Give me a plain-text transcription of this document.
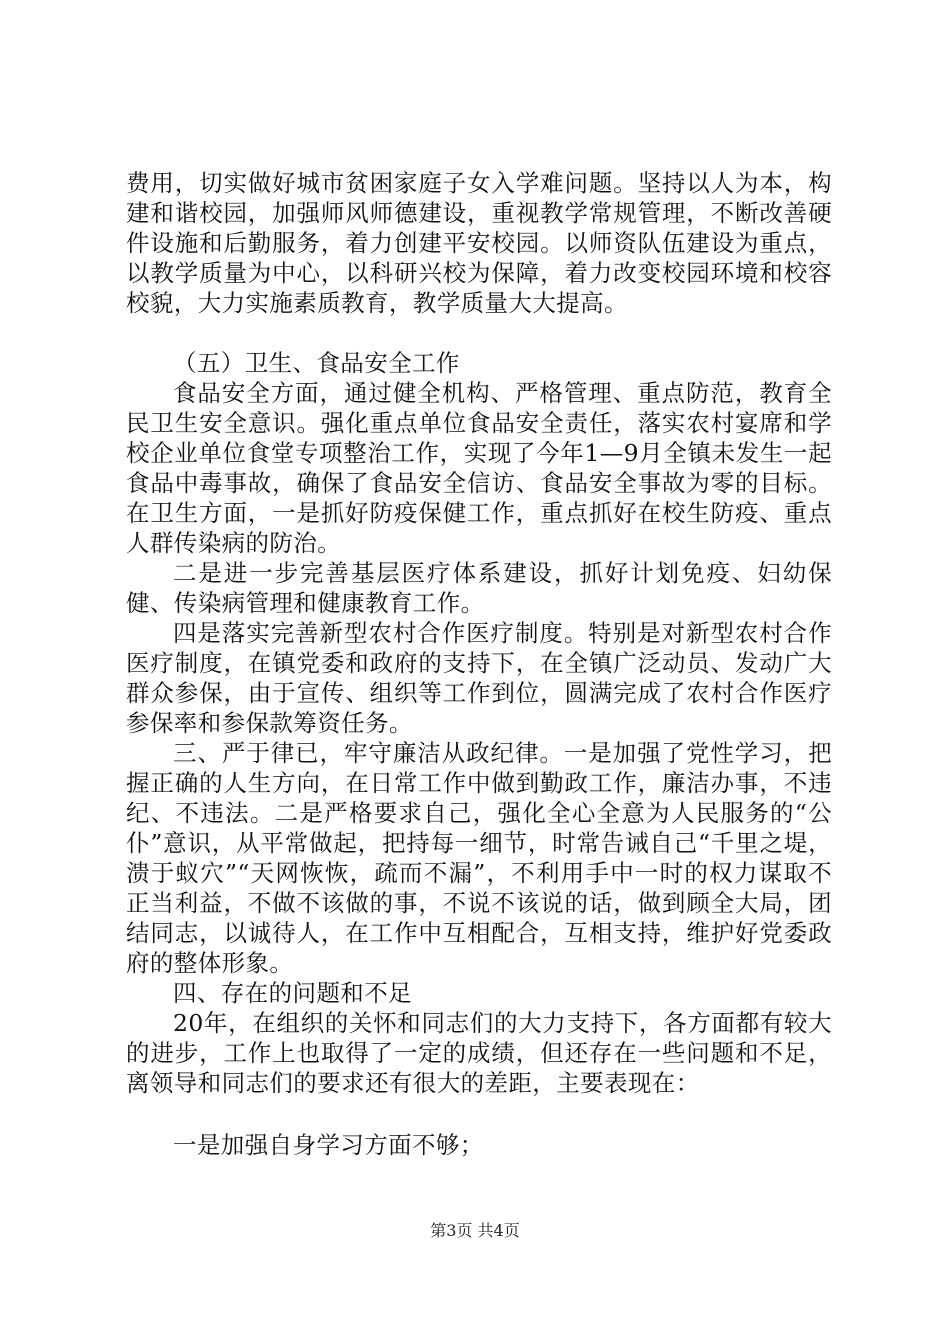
费用，切实做好城市贫困家庭子女入学难问题。坚持以人为本，构建和谐校园，加强师风师德建设，重视教学常规管理，不断改善硬件设施和后勤服务，着力创建平安校园。以师资队伍建设为重点，以教学质量为中心，以科研兴校为保障，着力改变校园环境和校容校貌，大力实施素质教育，教学质量大大提高。

（五）卫生、食品安全工作

食品安全方面，通过健全机构、严格管理、重点防范，教育全民卫生安全意识。强化重点单位食品安全责任，落实农村宴席和学校企业单位食堂专项整治工作，实现了今年1—9月全镇未发生一起食品中毒事故，确保了食品安全信访、食品安全事故为零的目标。在卫生方面，一是抓好防疫保健工作，重点抓好在校生防疫、重点人群传染病的防治。

二是进一步完善基层医疗体系建设，抓好计划免疫、妇幼保健、传染病管理和健康教育工作。

四是落实完善新型农村合作医疗制度。特别是对新型农村合作医疗制度，在镇党委和政府的支持下，在全镇广泛动员、发动广大群众参保，由于宣传、组织等工作到位，圆满完成了农村合作医疗参保率和参保款筹资任务。

三、严于律已，牢守廉洁从政纪律。一是加强了党性学习，把握正确的人生方向，在日常工作中做到勤政工作，廉洁办事，不违纪、不违法。二是严格要求自己，强化全心全意为人民服务的“公仆”意识，从平常做起，把持每一细节，时常告诫自己“千里之堤，溃于蚁穴”“天网恢恢，疏而不漏”，不利用手中一时的权力谋取不正当利益，不做不该做的事，不说不该说的话，做到顾全大局，团结同志，以诚待人，在工作中互相配合，互相支持，维护好党委政府的整体形象。

四、存在的问题和不足

20年，在组织的关怀和同志们的大力支持下，各方面都有较大的进步，工作上也取得了一定的成绩，但还存在一些问题和不足，离领导和同志们的要求还有很大的差距，主要表现在：

一是加强自身学习方面不够；

第3页 共4页
